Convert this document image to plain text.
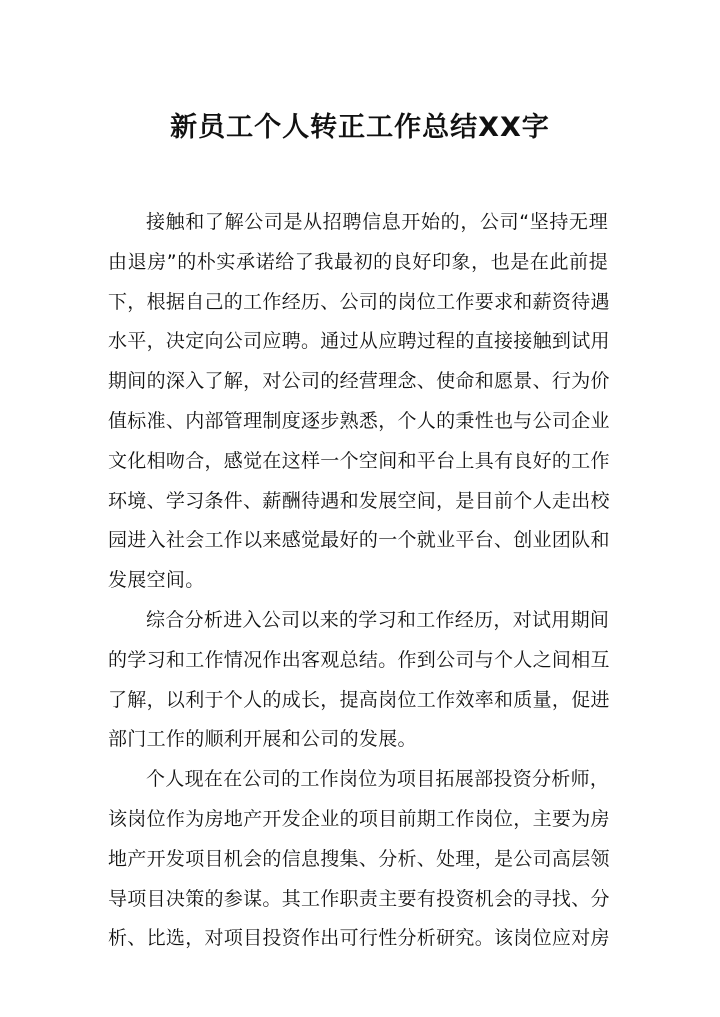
新员工个人转正工作总结XX字
接触和了解公司是从招聘信息开始的，公司“坚持无理
由退房”的朴实承诺给了我最初的良好印象，也是在此前提
下，根据自己的工作经历、公司的岗位工作要求和薪资待遇
水平，决定向公司应聘。通过从应聘过程的直接接触到试用
期间的深入了解，对公司的经营理念、使命和愿景、行为价
值标准、内部管理制度逐步熟悉，个人的秉性也与公司企业
文化相吻合，感觉在这样一个空间和平台上具有良好的工作
环境、学习条件、薪酬待遇和发展空间，是目前个人走出校
园进入社会工作以来感觉最好的一个就业平台、创业团队和
发展空间。
综合分析进入公司以来的学习和工作经历，对试用期间
的学习和工作情况作出客观总结。作到公司与个人之间相互
了解，以利于个人的成长，提高岗位工作效率和质量，促进
部门工作的顺利开展和公司的发展。
个人现在在公司的工作岗位为项目拓展部投资分析师，
该岗位作为房地产开发企业的项目前期工作岗位，主要为房
地产开发项目机会的信息搜集、分析、处理，是公司高层领
导项目决策的参谋。其工作职责主要有投资机会的寻找、分
析、比选，对项目投资作出可行性分析研究。该岗位应对房
